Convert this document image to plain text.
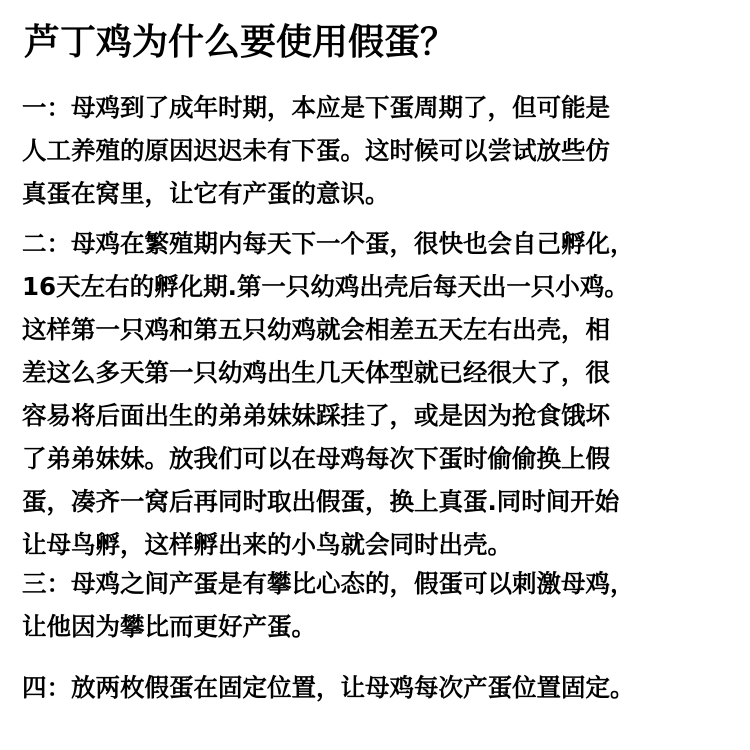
芦丁鸡为什么要使用假蛋？
一：母鸡到了成年时期，本应是下蛋周期了，但可能是
人工养殖的原因迟迟未有下蛋。这时候可以尝试放些仿
真蛋在窝里，让它有产蛋的意识。
二：母鸡在繁殖期内每天下一个蛋，很快也会自己孵化，
16天左右的孵化期.第一只幼鸡出壳后每天出一只小鸡。
这样第一只鸡和第五只幼鸡就会相差五天左右出壳，相
差这么多天第一只幼鸡出生几天体型就已经很大了，很
容易将后面出生的弟弟妹妹踩挂了，或是因为抢食饿坏
了弟弟妹妹。放我们可以在母鸡每次下蛋时偷偷换上假
蛋，凑齐一窝后再同时取出假蛋，换上真蛋.同时间开始
让母鸟孵，这样孵出来的小鸟就会同时出壳。
三：母鸡之间产蛋是有攀比心态的，假蛋可以刺激母鸡，
让他因为攀比而更好产蛋。
四：放两枚假蛋在固定位置，让母鸡每次产蛋位置固定。
